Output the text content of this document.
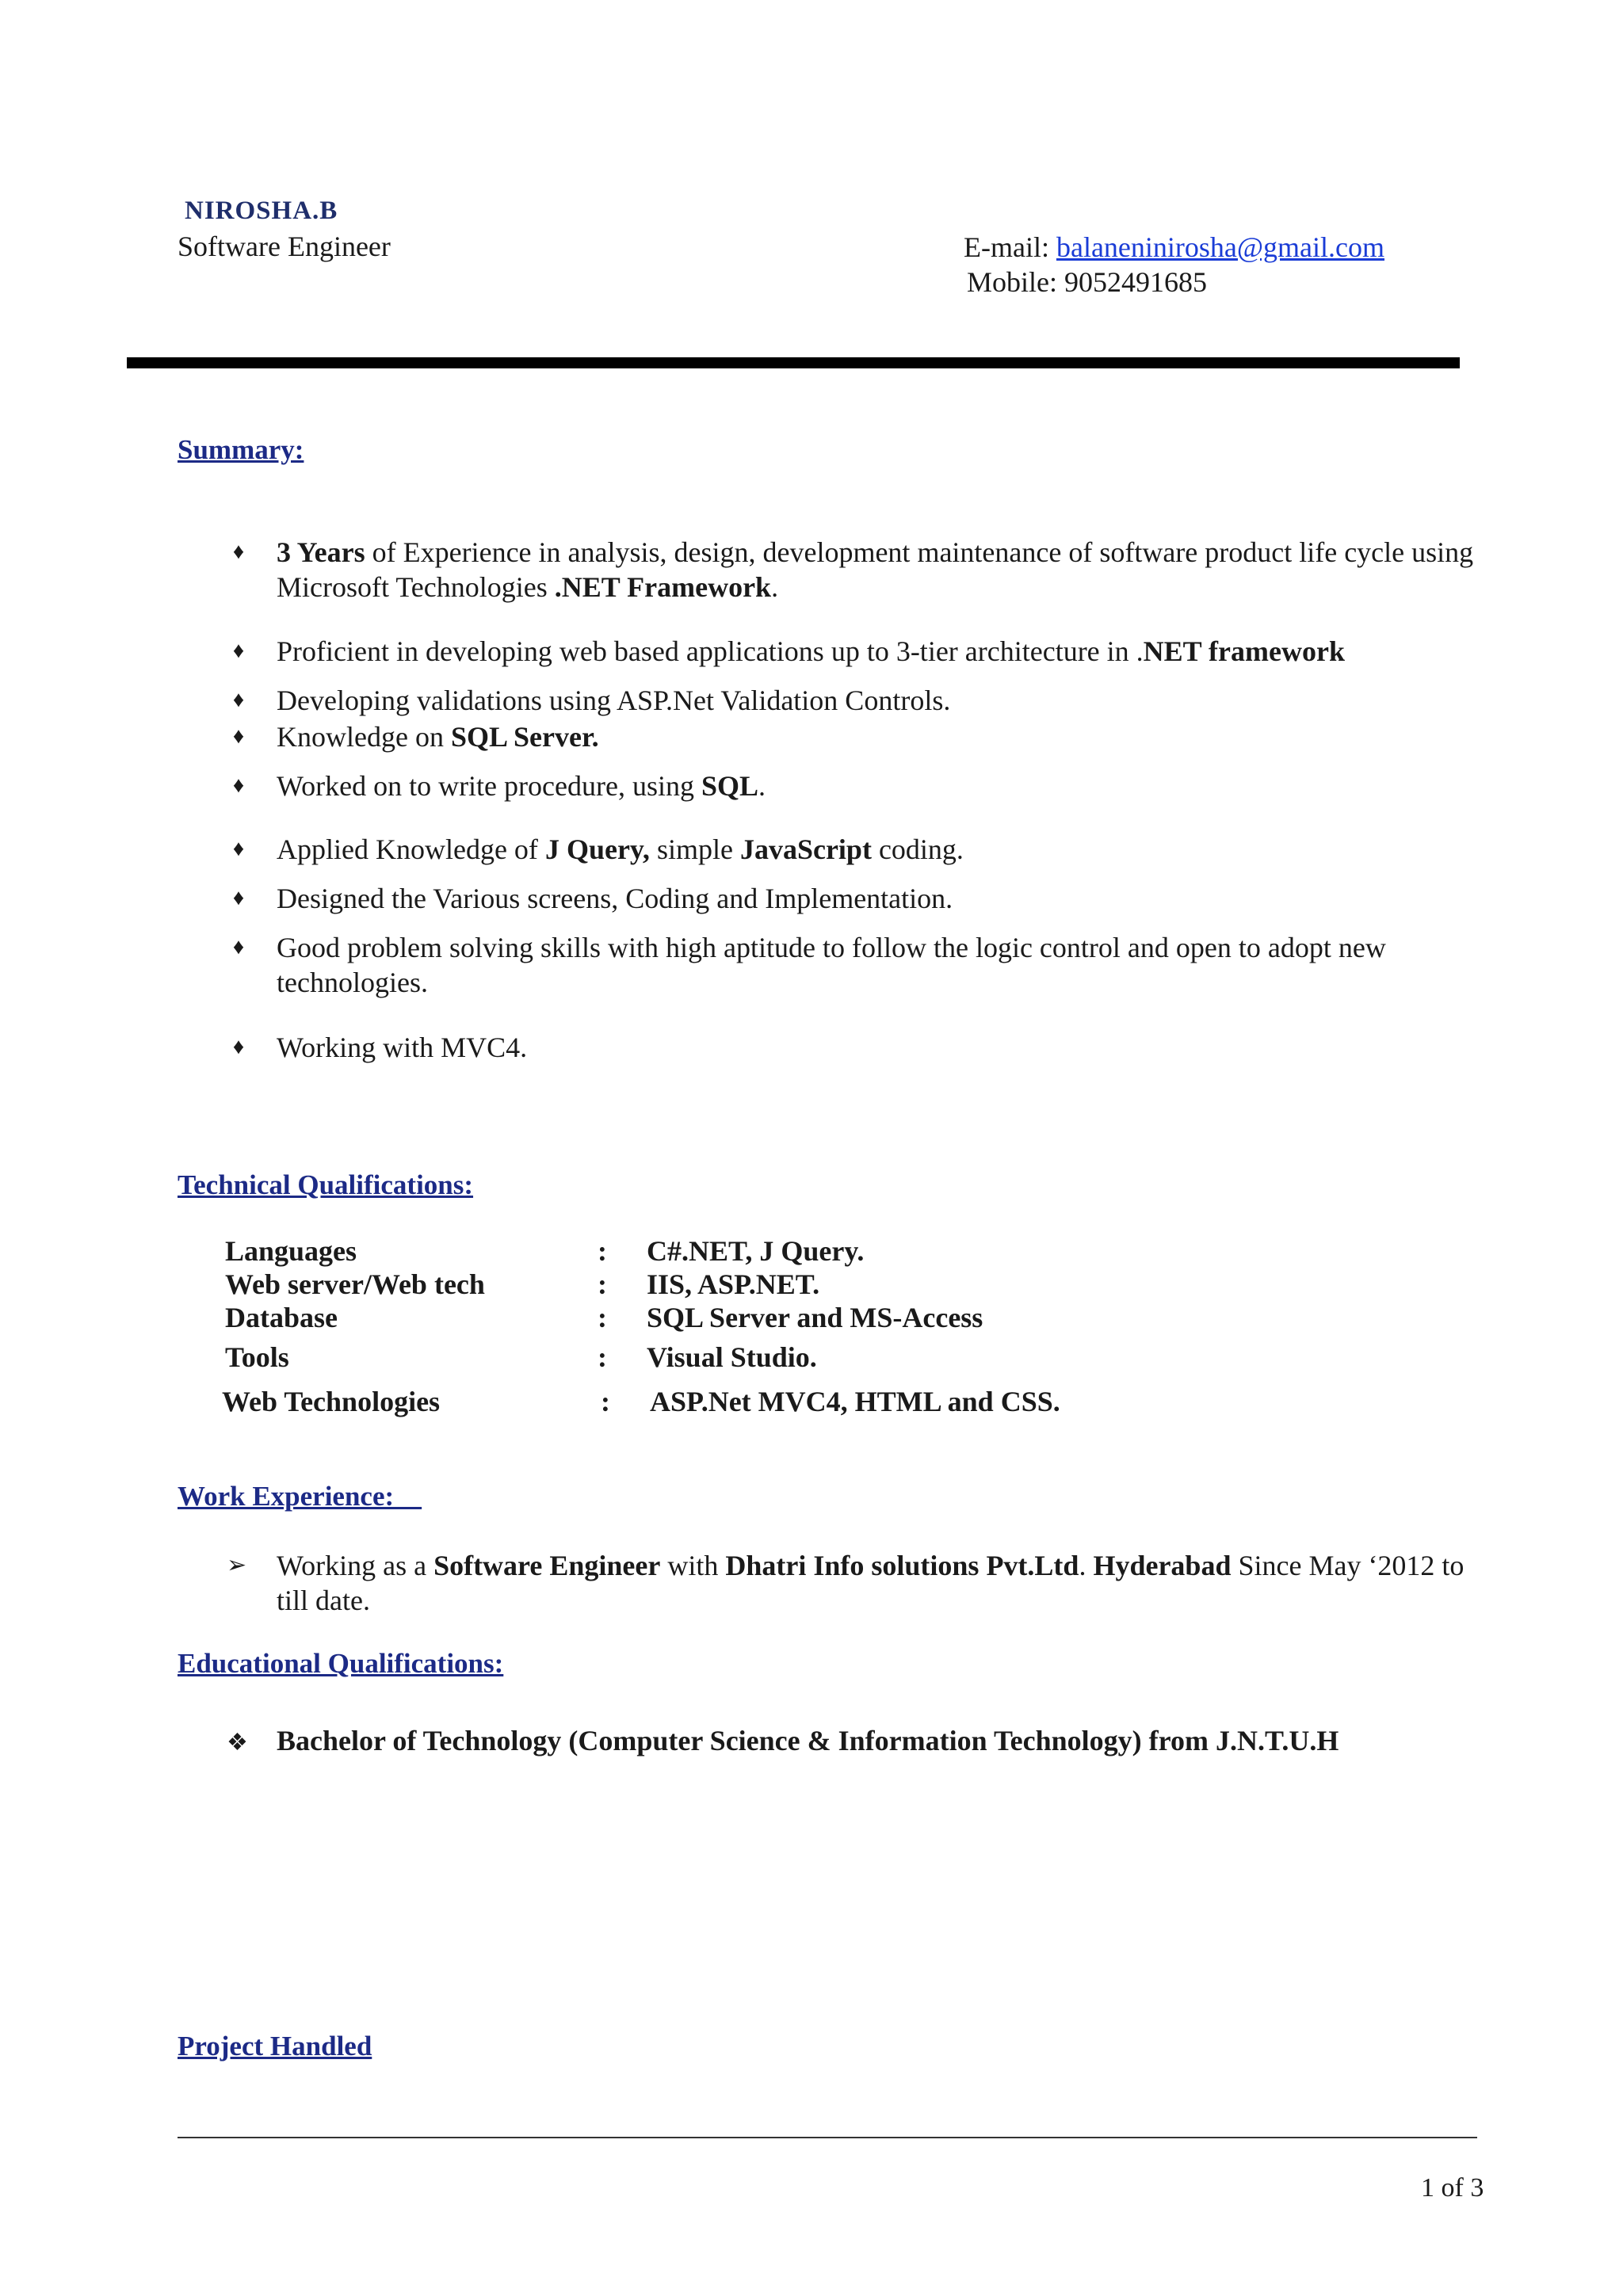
NIROSHA.B
Software Engineer	E-mail: balaneninirosha@gmail.com
Mobile: 9052491685
Summary:
♦ 3 Years of Experience in analysis, design, development maintenance of software product life cycle using Microsoft Technologies .NET Framework.
♦ Proficient in developing web based applications up to 3-tier architecture in .NET framework
♦ Developing validations using ASP.Net Validation Controls.
♦ Knowledge on SQL Server.
♦ Worked on to write procedure, using SQL.
♦ Applied Knowledge of J Query, simple JavaScript coding.
♦ Designed the Various screens, Coding and Implementation.
♦ Good problem solving skills with high aptitude to follow the logic control and open to adopt new technologies.
♦ Working with MVC4.
Technical Qualifications:
Languages	: C#.NET, J Query.
Web server/Web tech	: IIS, ASP.NET.
Database	: SQL Server and MS-Access
Tools	: Visual Studio.
Web Technologies	: ASP.Net MVC4, HTML and CSS.
Work Experience:
➢	Working as a Software Engineer with Dhatri Info solutions Pvt.Ltd. Hyderabad Since May ‘2012 to till date.
Educational Qualifications:
❖ Bachelor of Technology (Computer Science & Information Technology) from J.N.T.U.H
Project Handled
1 of 3
